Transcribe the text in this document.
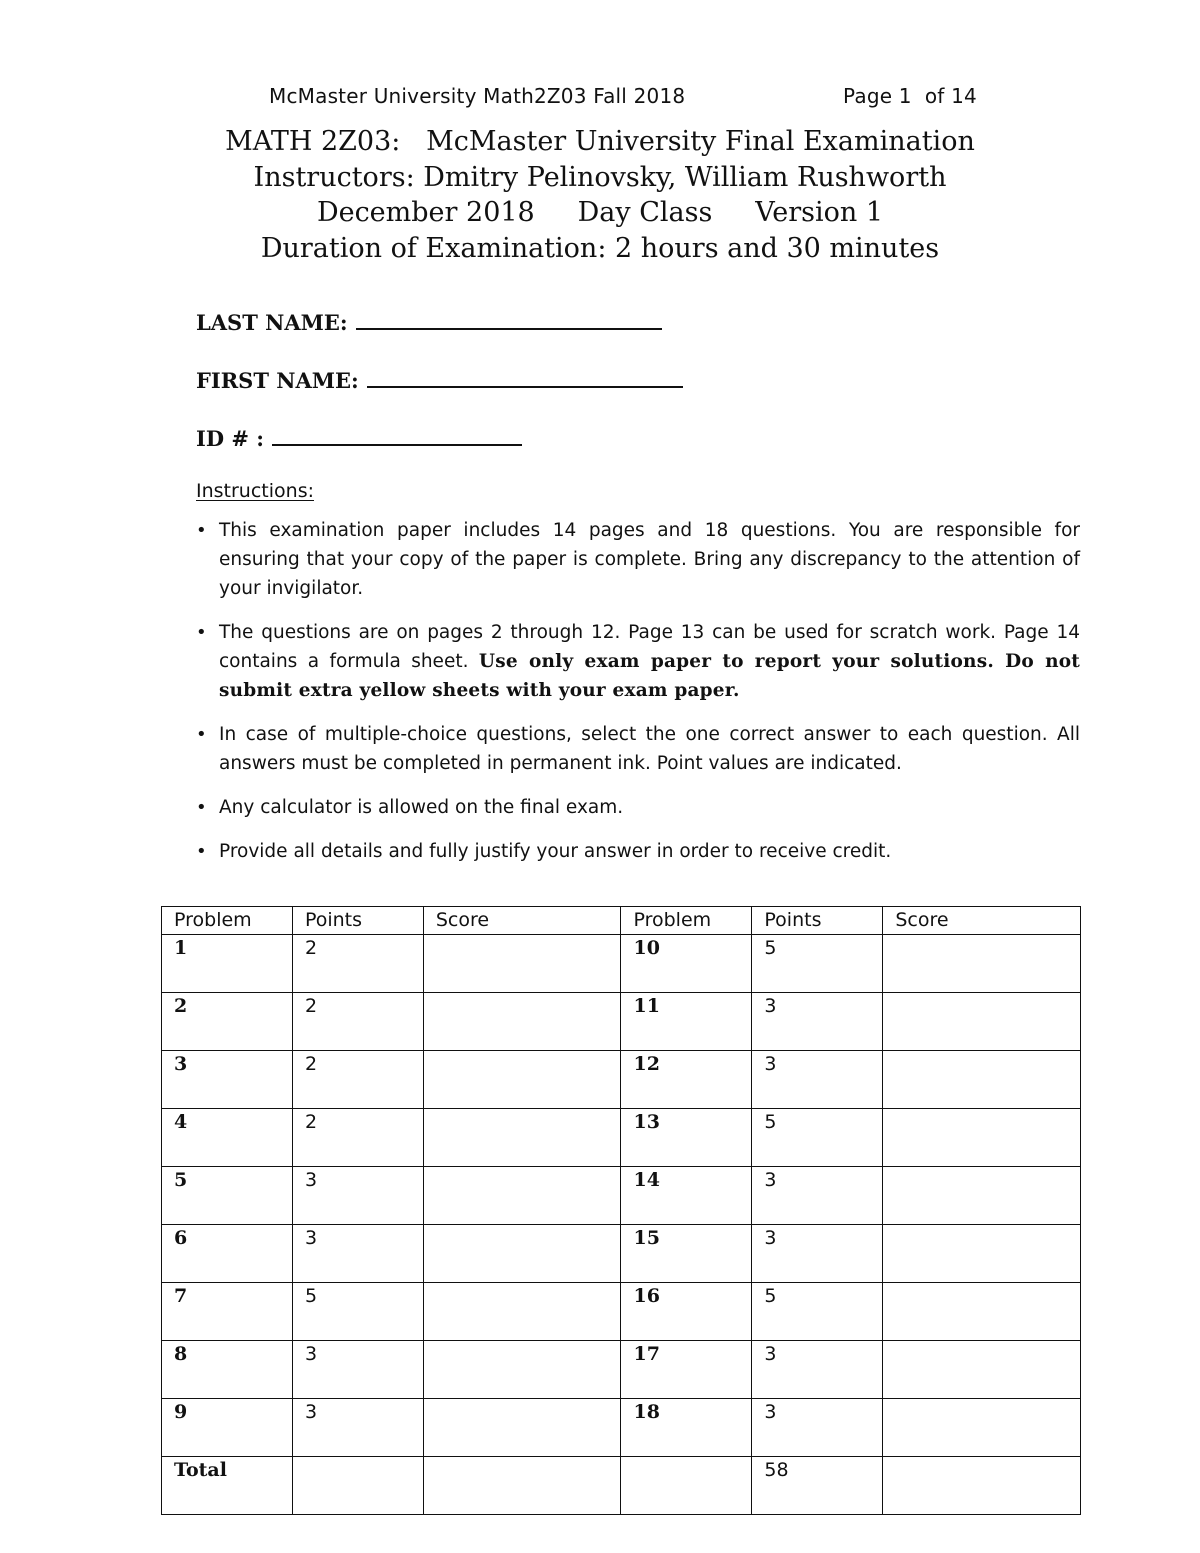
McMaster University Math2Z03 Fall 2018	Page 1 of 14
MATH 2Z03:   McMaster University Final Examination
Instructors: Dmitry Pelinovsky, William Rushworth
December 2018     Day Class     Version 1
Duration of Examination: 2 hours and 30 minutes
LAST NAME:
FIRST NAME:
ID # :
Instructions:
• This examination paper includes 14 pages and 18 questions. You are responsible for ensuring that your copy of the paper is complete. Bring any discrepancy to the attention of your invigilator.
• The questions are on pages 2 through 12. Page 13 can be used for scratch work. Page 14 contains a formula sheet. Use only exam paper to report your solutions. Do not submit extra yellow sheets with your exam paper.
• In case of multiple-choice questions, select the one correct answer to each question. All answers must be completed in permanent ink. Point values are indicated.
• Any calculator is allowed on the final exam.
• Provide all details and fully justify your answer in order to receive credit.
Problem	Points	Score	Problem	Points	Score
1	2		10	5	
2	2		11	3	
3	2		12	3	
4	2		13	5	
5	3		14	3	
6	3		15	3	
7	5		16	5	
8	3		17	3	
9	3		18	3	
Total				58	
